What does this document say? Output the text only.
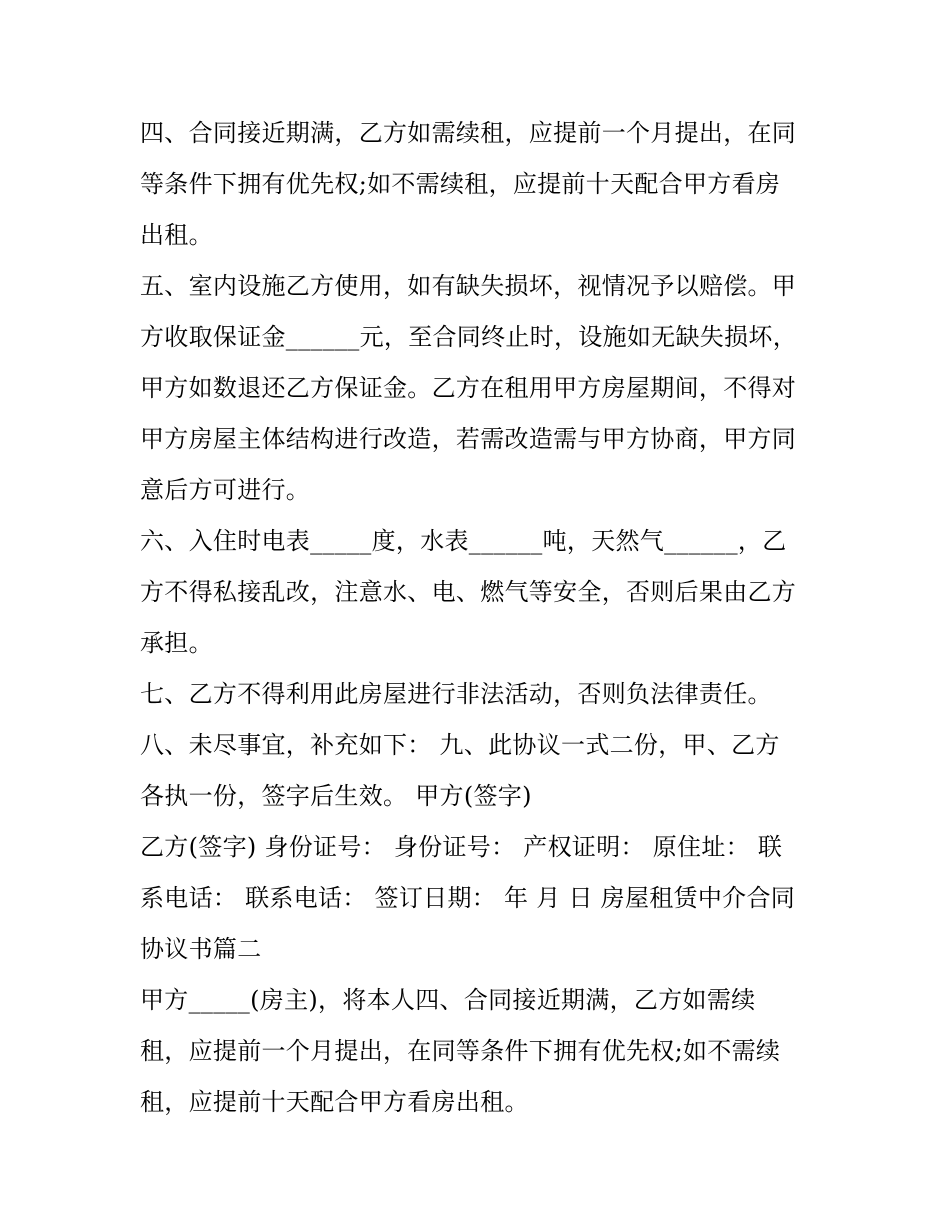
四、合同接近期满，乙方如需续租，应提前一个月提出，在同
等条件下拥有优先权;如不需续租，应提前十天配合甲方看房
出租。
五、室内设施乙方使用，如有缺失损坏，视情况予以赔偿。甲
方收取保证金______元，至合同终止时，设施如无缺失损坏，
甲方如数退还乙方保证金。乙方在租用甲方房屋期间，不得对
甲方房屋主体结构进行改造，若需改造需与甲方协商，甲方同
意后方可进行。
六、入住时电表_____度，水表______吨，天然气______，乙
方不得私接乱改，注意水、电、燃气等安全，否则后果由乙方
承担。
七、乙方不得利用此房屋进行非法活动，否则负法律责任。
八、未尽事宜，补充如下： 九、此协议一式二份，甲、乙方
各执一份，签字后生效。 甲方(签字)
乙方(签字) 身份证号： 身份证号： 产权证明： 原住址： 联
系电话： 联系电话： 签订日期： 年 月 日 房屋租赁中介合同
协议书篇二
甲方_____(房主)，将本人四、合同接近期满，乙方如需续
租，应提前一个月提出，在同等条件下拥有优先权;如不需续
租，应提前十天配合甲方看房出租。
